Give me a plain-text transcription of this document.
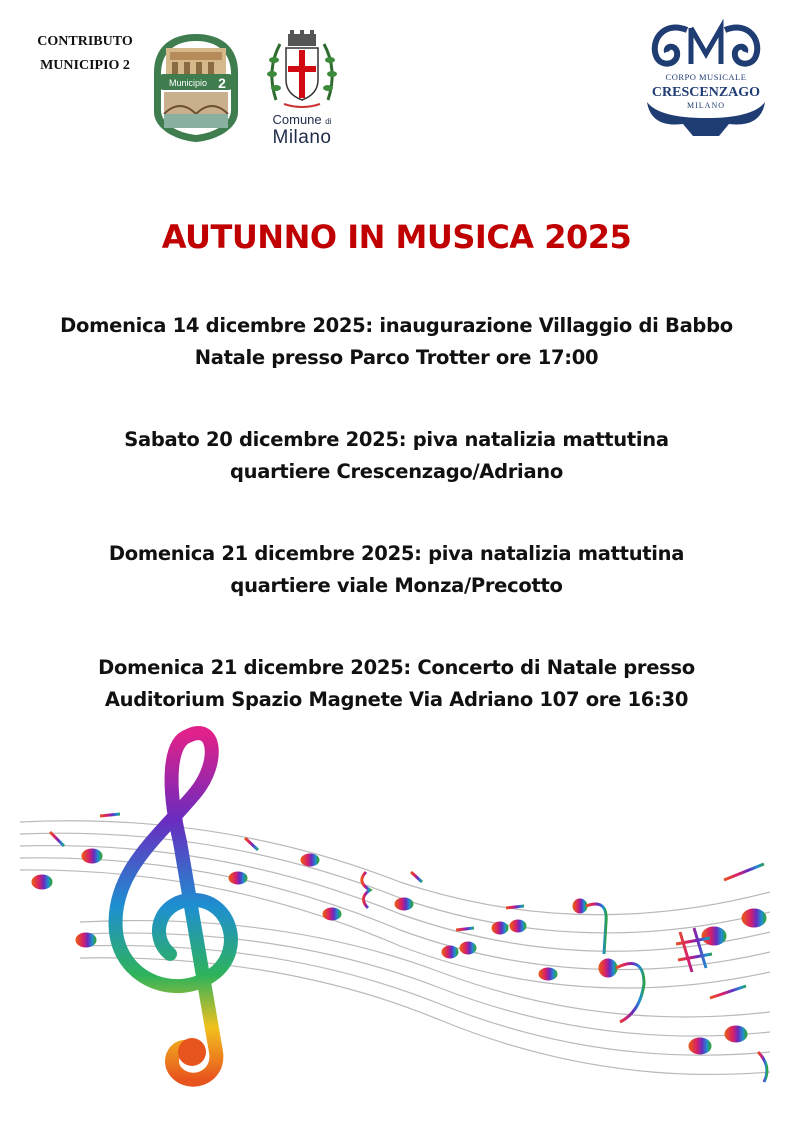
CONTRIBUTO
MUNICIPIO 2
Municipio 2
Comune di
Milano
CORPO MUSICALE
CRESCENZAGO
MILANO
AUTUNNO IN MUSICA 2025
Domenica 14 dicembre 2025: inaugurazione Villaggio di Babbo
Natale presso Parco Trotter ore 17:00
Sabato 20 dicembre 2025: piva natalizia mattutina
quartiere Crescenzago/Adriano
Domenica 21 dicembre 2025: piva natalizia mattutina
quartiere viale Monza/Precotto
Domenica 21 dicembre 2025: Concerto di Natale presso
Auditorium Spazio Magnete Via Adriano 107 ore 16:30
